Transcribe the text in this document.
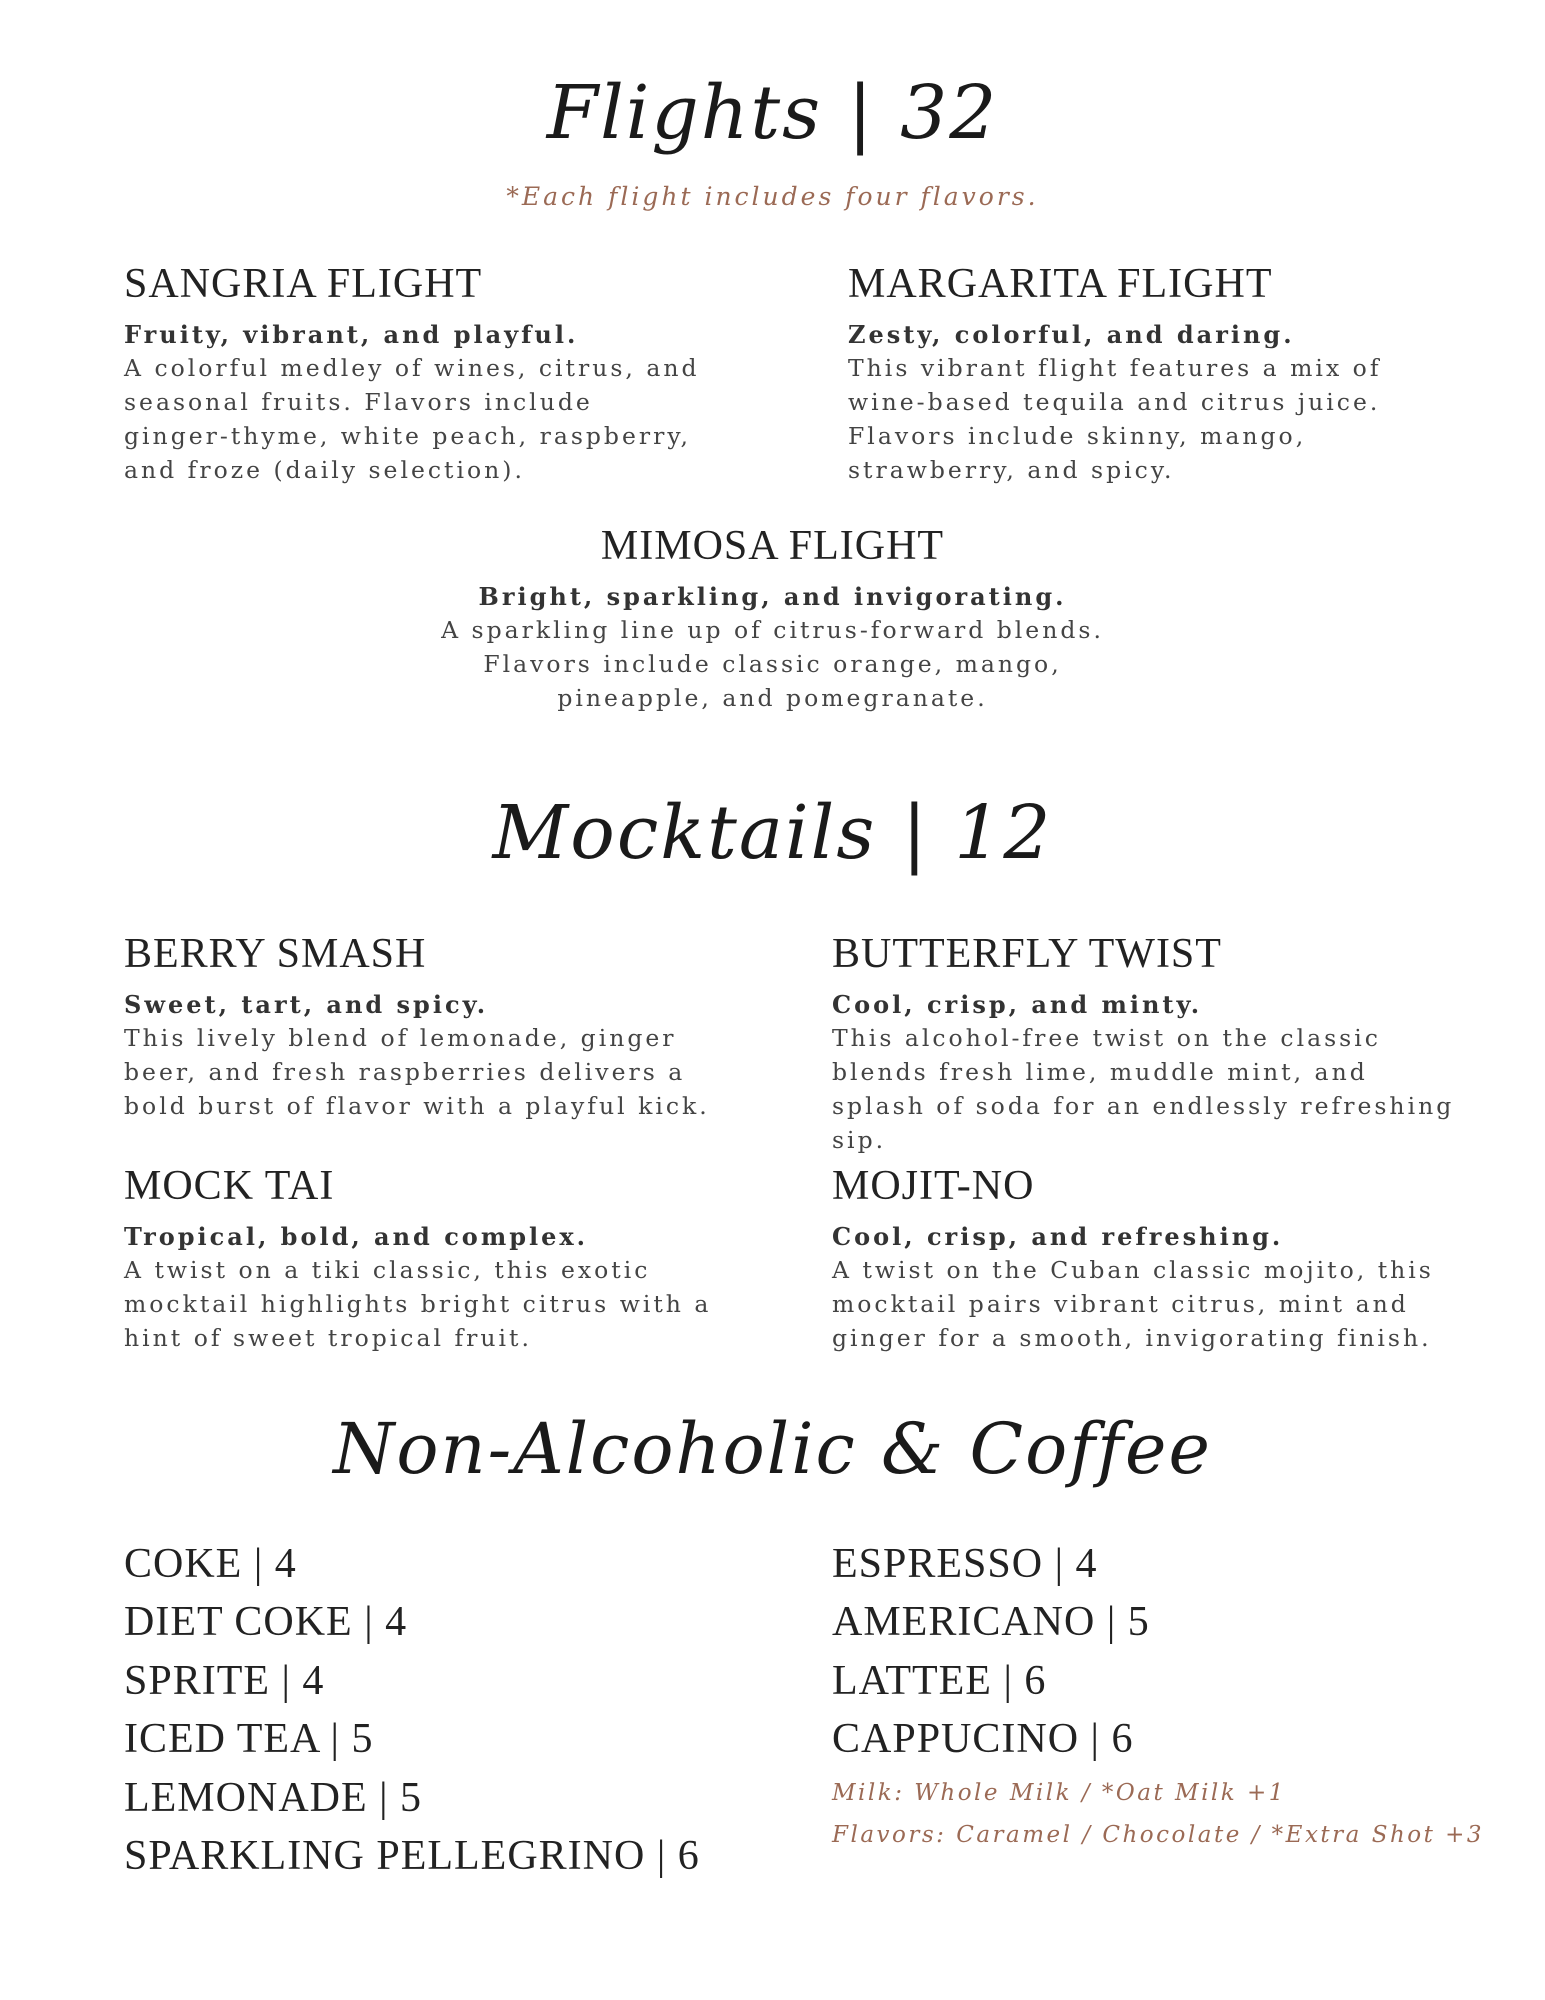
Flights | 32
*Each flight includes four flavors.
SANGRIA FLIGHT
Fruity, vibrant, and playful.
A colorful medley of wines, citrus, and seasonal fruits. Flavors include ginger-thyme, white peach, raspberry, and froze (daily selection).
MARGARITA FLIGHT
Zesty, colorful, and daring.
This vibrant flight features a mix of wine-based tequila and citrus juice. Flavors include skinny, mango, strawberry, and spicy.
MIMOSA FLIGHT
Bright, sparkling, and invigorating.
A sparkling line up of citrus-forward blends. Flavors include classic orange, mango, pineapple, and pomegranate.
Mocktails | 12
BERRY SMASH
Sweet, tart, and spicy.
This lively blend of lemonade, ginger beer, and fresh raspberries delivers a bold burst of flavor with a playful kick.
BUTTERFLY TWIST
Cool, crisp, and minty.
This alcohol-free twist on the classic blends fresh lime, muddle mint, and splash of soda for an endlessly refreshing sip.
MOCK TAI
Tropical, bold, and complex.
A twist on a tiki classic, this exotic mocktail highlights bright citrus with a hint of sweet tropical fruit.
MOJIT-NO
Cool, crisp, and refreshing.
A twist on the Cuban classic mojito, this mocktail pairs vibrant citrus, mint and ginger for a smooth, invigorating finish.
Non-Alcoholic & Coffee
COKE | 4
DIET COKE | 4
SPRITE | 4
ICED TEA | 5
LEMONADE | 5
SPARKLING PELLEGRINO | 6
ESPRESSO | 4
AMERICANO | 5
LATTEE | 6
CAPPUCINO | 6
Milk: Whole Milk / *Oat Milk +1
Flavors: Caramel / Chocolate / *Extra Shot +3
